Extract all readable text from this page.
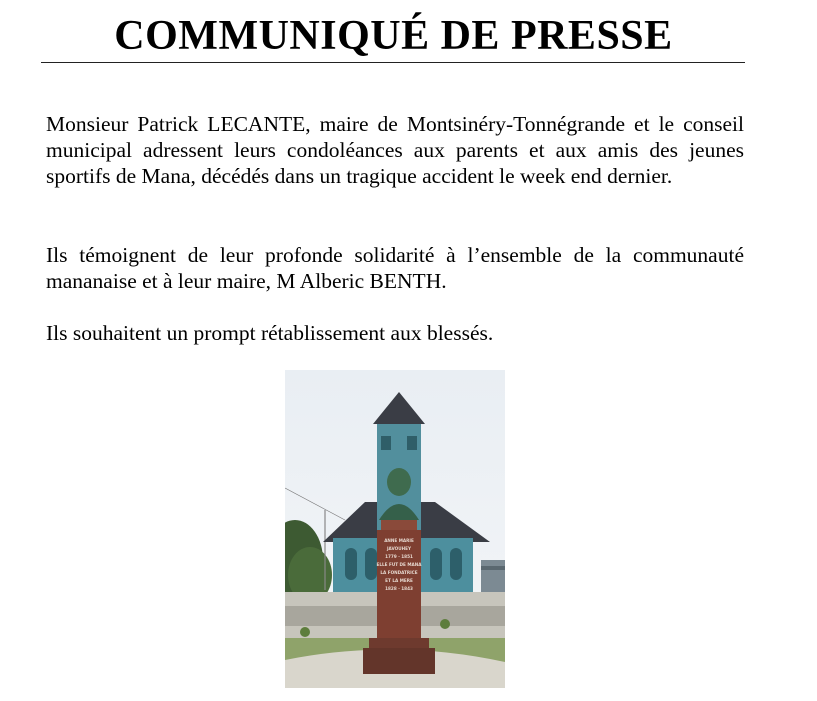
COMMUNIQUÉ DE PRESSE

Monsieur Patrick LECANTE, maire de Montsinéry-Tonnégrande et le conseil municipal adressent leurs condoléances aux parents et aux amis des jeunes sportifs de Mana, décédés dans un tragique accident le week end dernier.

Ils témoignent de leur profonde solidarité à l’ensemble de la communauté mananaise et à leur maire, M Alberic BENTH.

Ils souhaitent un prompt rétablissement aux blessés.

ANNE MARIE
JAVOUHEY
1779 · 1851
ELLE FUT DE MANA
LA FONDATRICE
ET LA MERE
1828 · 1843
